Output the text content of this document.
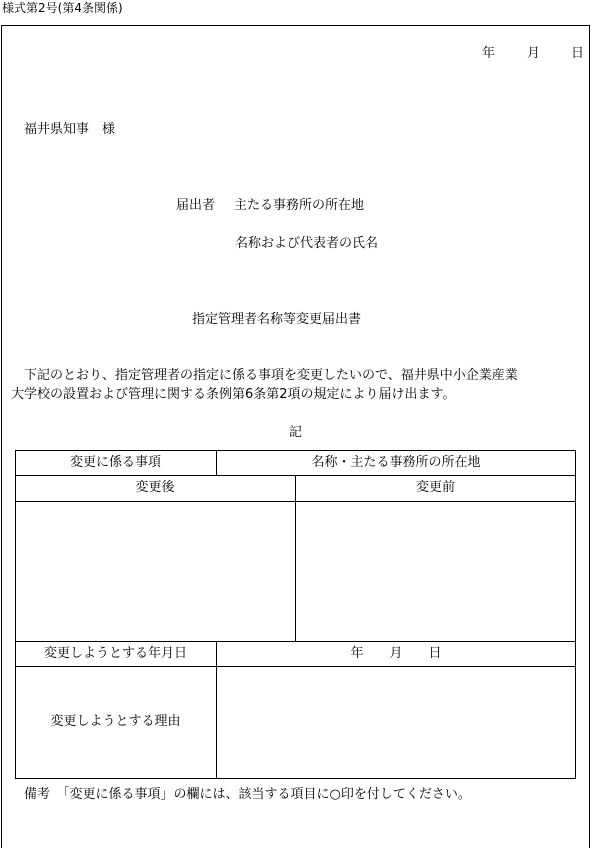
様式第2号(第4条関係)
年 月 日
福井県知事　様
届出者 主たる事務所の所在地
名称および代表者の氏名
指定管理者名称等変更届出書
下記のとおり、指定管理者の指定に係る事項を変更したいので、福井県中小企業産業
大学校の設置および管理に関する条例第6条第2項の規定により届け出ます。
記
変更に係る事項	名称・主たる事務所の所在地
変更後	変更前
変更しようとする年月日	年　　月　　日
変更しようとする理由
備考　「変更に係る事項」の欄には、該当する項目に○印を付してください。
